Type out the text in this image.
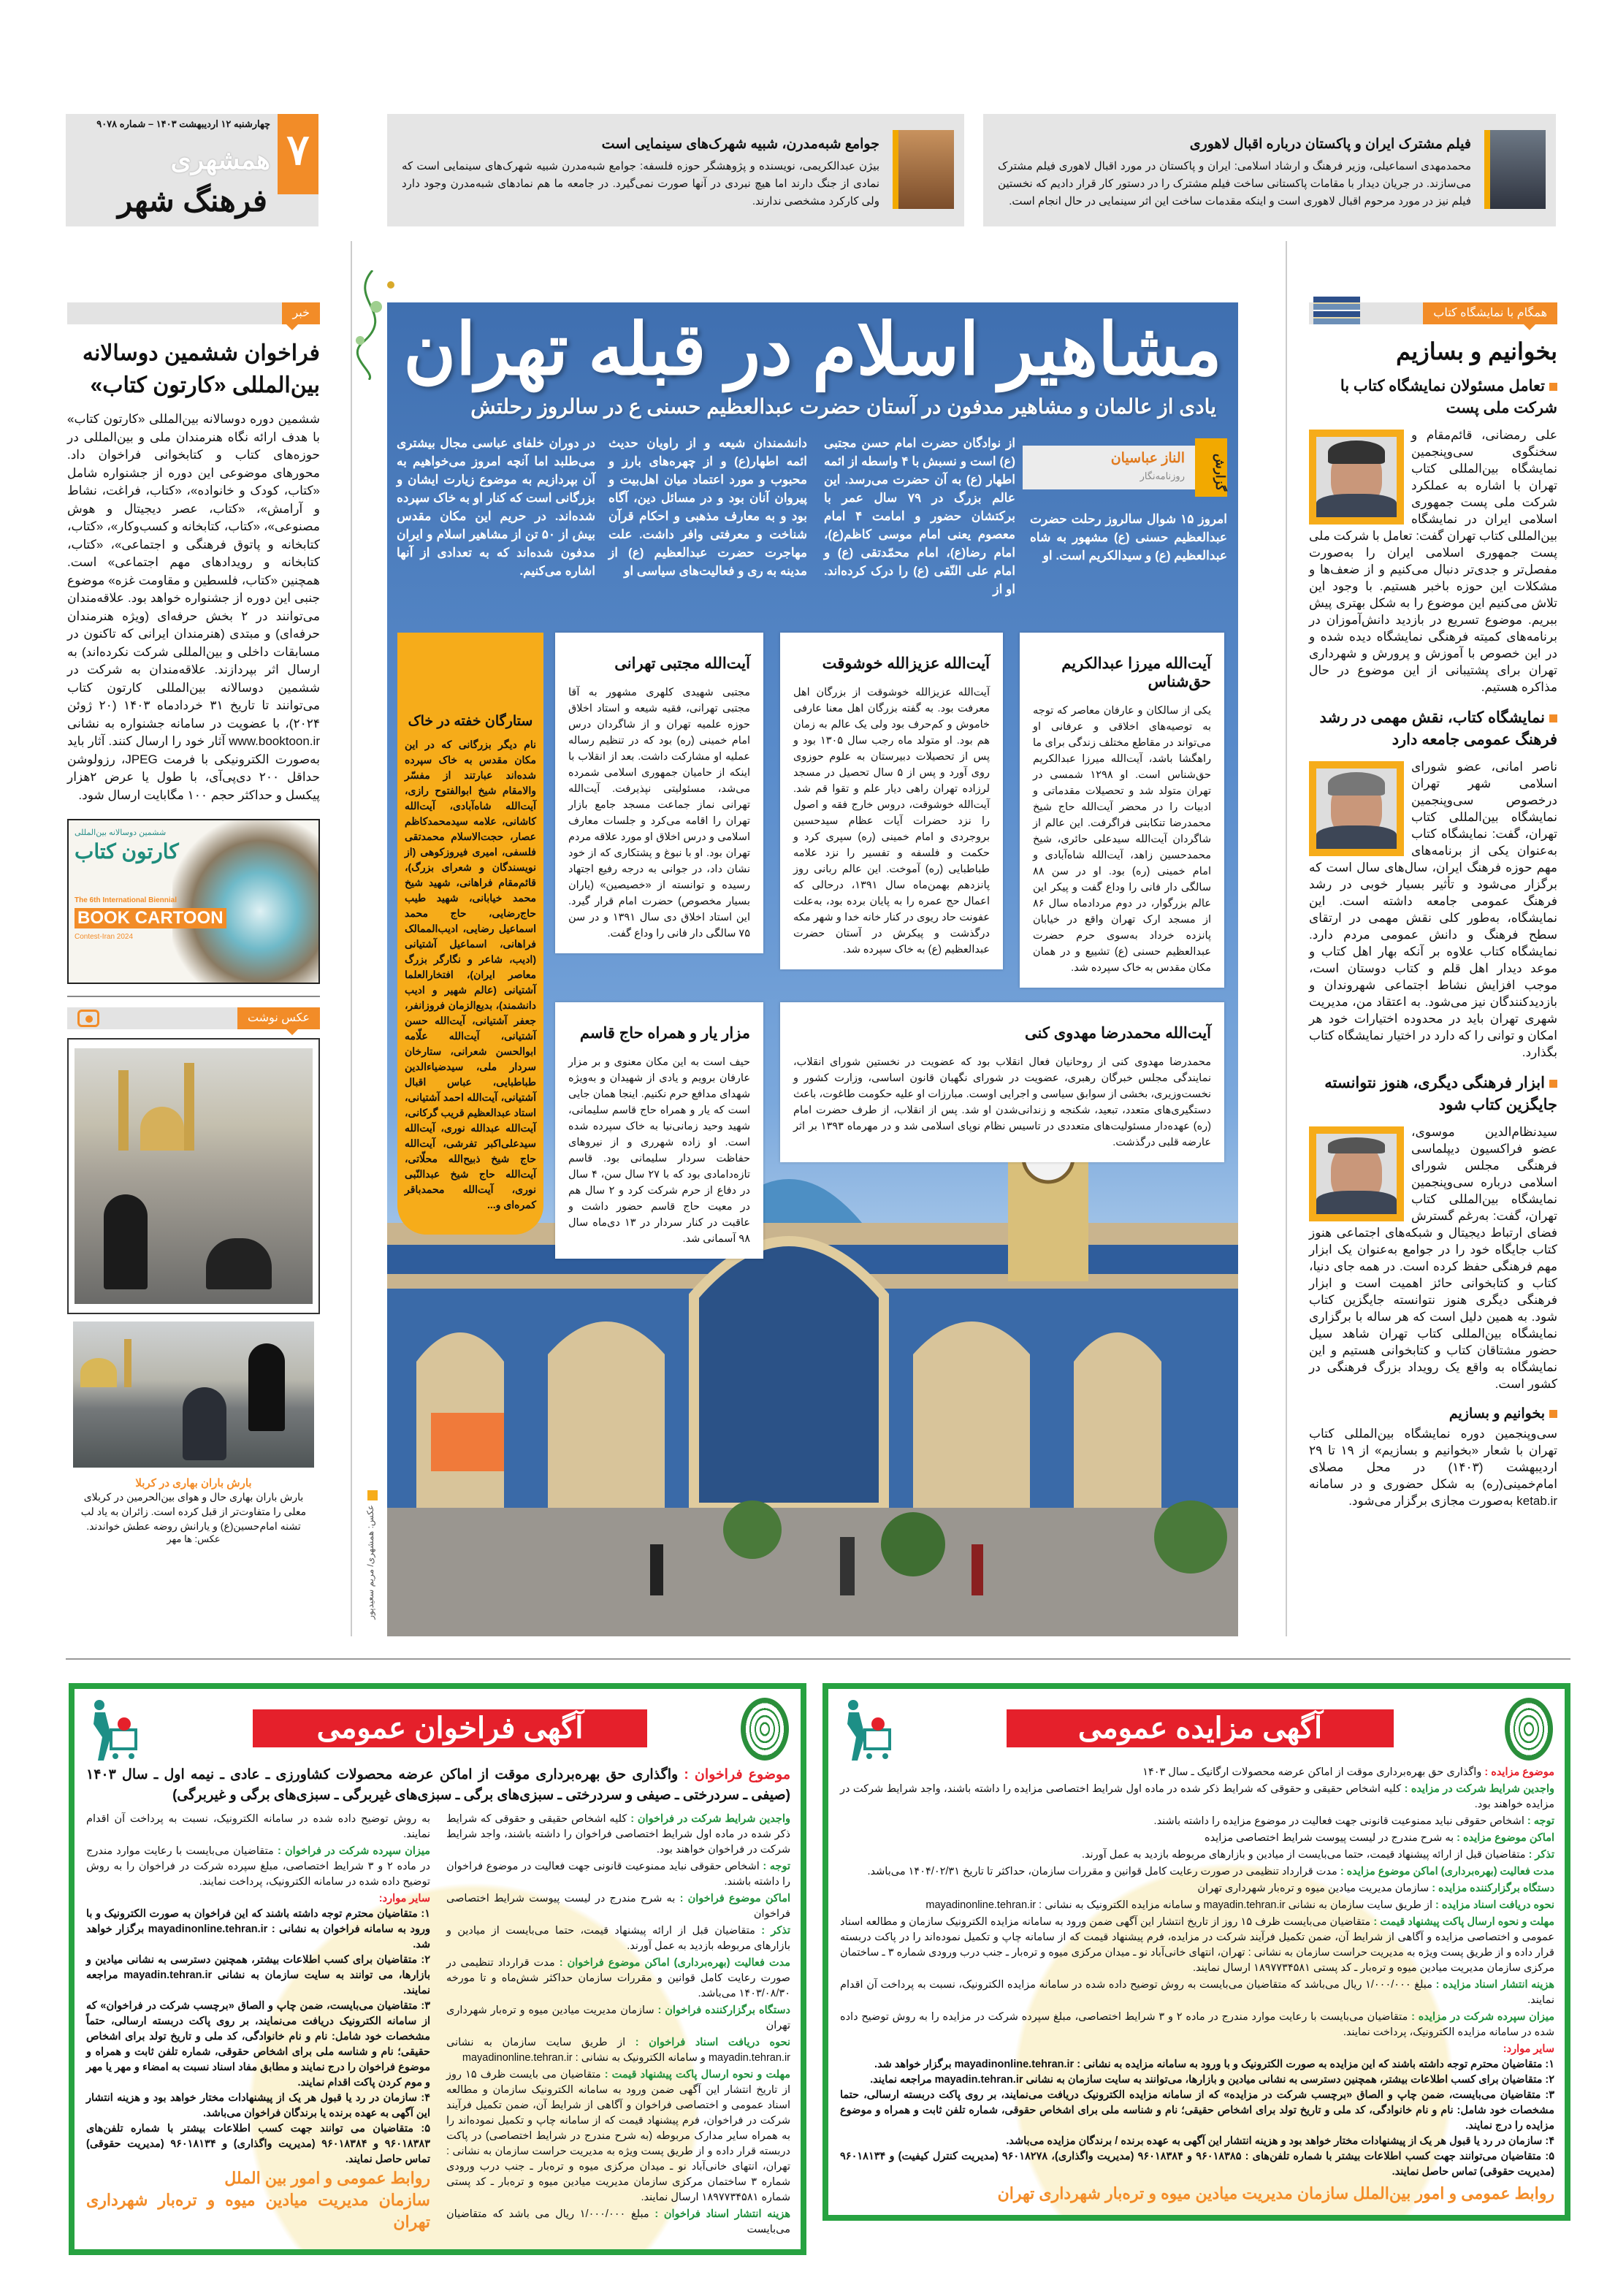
فیلم مشترک ایران و پاکستان درباره اقبال لاهوری

محمدمهدی اسماعیلی، وزیر فرهنگ و ارشاد اسلامی: ایران و پاکستان در مورد اقبال لاهوری فیلم مشترک می‌سازند. در جریان دیدار با مقامات پاکستانی ساخت فیلم مشترک را در دستور کار قرار دادیم که نخستین فیلم نیز در مورد مرحوم اقبال لاهوری است و اینکه مقدمات ساخت این اثر سینمایی در حال انجام است.

جوامع شبه‌مدرن، شبیه شهرک‌های سینمایی است

بیژن عبدالکریمی، نویسنده و پژوهشگر حوزه فلسفه: جوامع شبه‌مدرن شبیه شهرک‌های سینمایی است که نمادی از جنگ دارند اما هیچ نبردی در آنها صورت نمی‌گیرد. در جامعه ما هم نمادهای شبه‌مدرن وجود دارد ولی کارکرد مشخصی ندارند.

۷
چهارشنبه ۱۲ اردیبهشت ۱۴۰۳ – شماره ۹۰۷۸
همشهری
فرهنگ شهر
خبر
فراخوان ششمین دوسالانه بین‌المللی «کارتون کتاب»
ششمین دوره دوسالانه بین‌المللی «کارتون کتاب» با هدف ارائه نگاه هنرمندان ملی و بین‌المللی در حوزه‌های کتاب و کتابخوانی فراخوان داد. محورهای موضوعی این دوره از جشنواره شامل «کتاب، کودک و خانواده»، «کتاب، فراغت، نشاط و آرامش»، «کتاب، عصر دیجیتال و هوش مصنوعی»، «کتاب، کتابخانه و کسب‌وکار»، «کتاب، کتابخانه و پاتوق فرهنگی و اجتماعی»، «کتاب، کتابخانه و رویدادهای مهم اجتماعی» است. همچنین «کتاب، فلسطین و مقاومت غزه» موضوع جنبی این دوره از جشنواره خواهد بود. علاقه‌مندان می‌توانند در ۲ بخش حرفه‌ای (ویژه هنرمندان حرفه‌ای) و مبتدی (هنرمندان ایرانی که تاکنون در مسابقات داخلی و بین‌المللی شرکت نکرده‌اند) به ارسال اثر بپردازند. علاقه‌مندان به شرکت در ششمین دوسالانه بین‌المللی کارتون کتاب می‌توانند تا تاریخ ۳۱ خردادماه ۱۴۰۳ (۲۰ ژوئن ۲۰۲۴)، با عضویت در سامانه جشنواره به نشانی www.booktoon.ir آثار خود را ارسال کنند. آثار باید به‌صورت الکترونیکی با فرمت JPEG، رزولوشن حداقل ۲۰۰ دی‌پی‌آی، با طول یا عرض ۲هزار پیکسل و حداکثر حجم ۱۰۰ مگابایت ارسال شود.
ششمین دوسالانه بین‌المللی
کارتون کتاب
The 6th International Biennial
BOOK CARTOON
Contest-Iran 2024
عکس نوشت
بارش باران بهاری در کربلا
بارش باران بهاری حال و هوای بین‌الحرمین در کربلای معلی را متفاوت‌تر از قبل کرده است. زائران به یاد لب تشنه امام‌حسین(ع) و یارانش روضه عطش خواندند.
عکس: ها مهر
مشاهیر اسلام در قبله تهران
یادی از عالمان و مشاهیر مدفون در آستان حضرت عبدالعظیم حسنی ع در سالروز رحلتش
گزارش
الناز عباسیان
روزنامه‌نگار
امروز ۱۵ شوال سالروز رحلت حضرت عبدالعظیم حسنی (ع) مشهور به شاه عبدالعظیم (ع) و سیدالکریم است. او
از نوادگان حضرت امام حسن مجتبی (ع) است و نسبش با ۴ واسطه از ائمه اطهار (ع) به آن حضرت می‌رسد. این عالم بزرگ در ۷۹ سال عمر با برکتشان حضور و امامت ۴ امام معصوم یعنی امام موسی کاظم(ع)، امام رضا(ع)، امام محمّدتقی (ع) و امام علی النّقی (ع) را درک کرده‌اند. او از
دانشمندان شیعه و از راویان حدیث ائمه اطهار(ع) و از چهره‌های بارز و محبوب و مورد اعتماد میان اهل‌بیت و پیروان آنان بود و در مسائل دین، آگاه بود و به معارف مذهبی و احکام قرآن شناخت و معرفتی وافر داشت. علت مهاجرت حضرت عبدالعظیم (ع) از مدینه به ری و فعالیت‌های سیاسی او
در دوران خلفای عباسی مجال بیشتری می‌طلبد اما آنچه امروز می‌خواهیم به آن بپردازیم به موضوع زیارت ایشان و بزرگانی است که کنار او به خاک سپرده شده‌اند. در حریم این مکان مقدس بیش از ۵۰ تن از مشاهیر اسلام و ایران مدفون شده‌اند که به تعدادی از آنها اشاره می‌کنیم.
ستارگان خفته در خاک

نام دیگر بزرگانی که در این مکان مقدس به خاک سپرده شده‌اند عبارتند از مفسّر والامقام شیخ ابوالفتوح رازی، آیت‌الله شاه‌آبادی، آیت‌الله کاشانی، علامه سیدمحمدکاظم عصار، حجت‌الاسلام محمدتقی فلسفی، امیری فیروزکوهی (از نویسندگان و شعرای بزرگ)، قائم‌مقام فراهانی، شهید شیخ محمد خیابانی، شهید طیب حاج‌رضایی، حاج محمد اسماعیل رضایی، ادیب‌الممالک فراهانی، اسماعیل آشتیانی (ادیب، شاعر و نگارگر بزرگ معاصر ایران)، افتخارالعلما آشتیانی (عالم شهیر و ادیب دانشمند)، بدیع‌الزمان فروزانفر، جعفر آشتیانی، آیت‌الله حسن آشتیانی، آیت‌الله علّامه ابوالحسن شعرانی، ستارخان سردار ملی، سیدضیاءالدین طباطبایی، عباس اقبال آشتیانی، آیت‌الله احمد آشتیانی، استاد عبدالعظیم قریب گرکانی، آیت‌الله عبدالله نوری، آیت‌الله سیدعلی‌اکبر تفرشی، آیت‌الله حاج شیخ ذبیح‌الله محلّاتی، آیت‌الله حاج شیخ عبدالنّبی نوری، آیت‌الله محمدباقر کمره‌ای و...

آیت‌الله میرزا عبدالکریم حق‌شناس

یکی از سالکان و عارفان معاصر که توجه به توصیه‌های اخلاقی و عرفانی او می‌تواند در مقاطع مختلف زندگی برای ما راهگشا باشد، آیت‌الله میرزا عبدالکریم حق‌شناس است. او ۱۲۹۸ شمسی در تهران متولد شد و تحصیلات مقدماتی و ادبیات را در محضر آیت‌الله حاج شیخ محمدرضا تنکابنی فراگرفت. این عالم از شاگردان آیت‌الله سیدعلی حائری، شیخ محمدحسین زاهد، آیت‌الله شاه‌آبادی و امام خمینی (ره) بود. او در سن ۸۸ سالگی دار فانی را وداع گفت و پیکر این عالم بزرگوار، در دوم مردادماه سال ۸۶ از مسجد ارک تهران واقع در خیابان پانزده خرداد به‌سوی حرم حضرت عبدالعظیم حسنی (ع) تشییع و در همان مکان مقدس به خاک سپرده شد.

آیت‌الله عزیزالله خوشوقت

آیت‌الله عزیزالله خوشوقت از بزرگان اهل معرفت بود. به گفته بزرگان اهل معنا عارفی خاموش و کم‌حرف بود ولی یک عالم به زمان هم بود. او متولد ماه رجب سال ۱۳۰۵ بود و پس از تحصیلات دبیرستان به علوم حوزوی روی آورد و پس از ۵ سال تحصیل در مسجد لرزاده تهران راهی دیار علم و تقوا قم شد. آیت‌الله خوشوقت، دروس خارج فقه و اصول را نزد حضرات آیات عظام سیدحسین بروجردی و امام خمینی (ره) سپری کرد و حکمت و فلسفه و تفسیر را نزد علامه طباطبایی (ره) آموخت. این عالم ربانی روز پانزدهم بهمن‌ماه سال ۱۳۹۱، درحالی که اعمال حج عمره را به پایان برده بود، به‌علت عفونت حاد ریوی در کنار خانه خدا و شهر مکه درگذشت و پیکرش در آستان حضرت عبدالعظیم (ع) به خاک سپرده شد.

آیت‌الله مجتبی تهرانی

مجتبی شهیدی کلهری مشهور به آقا مجتبی تهرانی، فقیه شیعه و استاد اخلاق حوزه علمیه تهران و از شاگردان درس امام خمینی (ره) بود که در تنظیم رساله عملیه او مشارکت داشت. بعد از انقلاب با اینکه از حامیان جمهوری اسلامی شمرده می‌شد، مسئولیتی نپذیرفت. آیت‌الله تهرانی نماز جماعت مسجد جامع بازار تهران را اقامه می‌کرد و جلسات معارف اسلامی و درس اخلاق او مورد علاقه مردم تهران بود. او با نبوغ و پشتکاری که از خود نشان داد، در جوانی به درجه رفیع اجتهاد رسیده و توانسته از «خصیصین» (یاران بسیار مخصوص) حضرت امام قرار گیرد. این استاد اخلاق دی سال ۱۳۹۱ و در سن ۷۵ سالگی دار فانی را وداع گفت.

آیت‌الله محمدرضا مهدوی کنی

محمدرضا مهدوی کنی از روحانیان فعال انقلاب بود که عضویت در نخستین شورای انقلاب، نمایندگی مجلس خبرگان رهبری، عضویت در شورای نگهبان قانون اساسی، وزارت کشور و نخست‌وزیری، بخشی از سوابق سیاسی و اجرایی اوست. مبارزات او علیه حکومت طاغوت، باعث دستگیری‌های متعدد، تبعید، شکنجه و زندانی‌شدن او شد. پس از انقلاب، از طرف حضرت امام (ره) عهده‌دار مسئولیت‌های متعددی در تاسیس نظام نوپای اسلامی شد و در مهرماه ۱۳۹۳ بر اثر عارضه قلبی درگذشت.

مزار یار و همراه حاج قاسم

حیف است به این مکان معنوی و بر مزار عارفان برویم و یادی از شهیدان و به‌ویژه شهدای مدافع حرم نکنیم. اینجا همان جایی است که یار و همراه حاج قاسم سلیمانی، شهید وحید زمانی‌نیا به خاک سپرده شده است. او زاده شهرری و از نیروهای حفاظت سردار سلیمانی بود. قاسم تازه‌دامادی بود که با ۲۷ سال سن، ۴ سال در دفاع از حرم شرکت کرد و ۲ سال هم در معیت حاج قاسم حضور داشت و عاقبت در کنار سردار در ۱۳ دی‌ماه سال ۹۸ آسمانی شد.

عکس: همشهری/ مریم سعیدپور
همگام با نمایشگاه کتاب
بخوانیم و بسازیم
تعامل مسئولان نمایشگاه کتاب با شرکت ملی پست
علی رمضانی، قائم‌مقام و سخنگوی سی‌وپنجمین نمایشگاه بین‌المللی کتاب تهران با اشاره به عملکرد شرکت ملی پست جمهوری اسلامی ایران در نمایشگاه بین‌المللی کتاب تهران گفت: تعامل با شرکت ملی پست جمهوری اسلامی ایران را به‌صورت مفصل‌تر و جدی‌تر دنبال می‌کنیم و از ضعف‌ها و مشکلات این حوزه باخبر هستیم. با وجود این تلاش می‌کنیم این موضوع را به شکل بهتری پیش ببریم. موضوع تسریع در بازدید دانش‌آموزان در برنامه‌های کمیته فرهنگی نمایشگاه دیده شده و در این خصوص با آموزش و پرورش و شهرداری تهران برای پشتیبانی از این موضوع در حال مذاکره هستیم.
نمایشگاه کتاب، نقش مهمی در رشد فرهنگ عمومی جامعه دارد
ناصر امانی، عضو شورای اسلامی شهر تهران درخصوص سی‌وپنجمین نمایشگاه بین‌المللی کتاب تهران، گفت: نمایشگاه کتاب به‌عنوان یکی از برنامه‌های مهم حوزه فرهنگ ایران، سال‌های سال است که برگزار می‌شود و تأثیر بسیار خوبی در رشد فرهنگ عمومی جامعه داشته است. این نمایشگاه، به‌طور کلی نقش مهمی در ارتقای سطح فرهنگ و دانش عمومی مردم دارد. نمایشگاه کتاب علاوه بر آنکه بهار اهل کتاب و موعد دیدار اهل قلم و کتاب دوستان است، موجب افزایش نشاط اجتماعی شهروندان و بازدیدکنندگان نیز می‌شود. به اعتقاد من، مدیریت شهری تهران باید در محدوده اختیارات خود هر امکان و توانی را که دارد در اختیار نمایشگاه کتاب بگذارد.
ابزار فرهنگی دیگری، هنوز نتوانسته جایگزین کتاب شود
سیدنظام‌الدین موسوی، عضو فراکسیون دیپلماسی فرهنگی مجلس شورای اسلامی درباره سی‌وپنجمین نمایشگاه بین‌المللی کتاب تهران، گفت: به‌رغم گسترش فضای ارتباط دیجیتال و شبکه‌های اجتماعی هنوز کتاب جایگاه خود را در جوامع به‌عنوان یک ابزار مهم فرهنگی حفظ کرده است. در همه جای دنیا، کتاب و کتابخوانی حائز اهمیت است و ابزار فرهنگی دیگری هنوز نتوانسته جایگزین کتاب شود. به همین دلیل است که هر ساله با برگزاری نمایشگاه بین‌المللی کتاب تهران شاهد سیل حضور مشتاقان کتاب و کتابخوانی هستیم و این نمایشگاه به واقع یک رویداد بزرگ فرهنگی در کشور است.
بخوانیم و بسازیم
سی‌وپنجمین دوره نمایشگاه بین‌المللی کتاب تهران با شعار «بخوانیم و بسازیم» از ۱۹ تا ۲۹ اردیبهشت (۱۴۰۳) در محل مصلای امام‌خمینی(ره) به شکل حضوری و در سامانه ketab.ir به‌صورت مجازی برگزار می‌شود.
آگهی مزایده عمومی
موضوع مزایده : واگذاری حق بهره‌برداری موقت از اماکن عرضه محصولات ارگانیک ـ سال ۱۴۰۳
واجدین شرایط شرکت در مزایده : کلیه اشخاص حقیقی و حقوقی که شرایط ذکر شده در ماده اول شرایط اختصاصی مزایده را داشته باشند، واجد شرایط شرکت در مزایده خواهند بود.
توجه : اشخاص حقوقی نباید ممنوعیت قانونی جهت فعالیت در موضوع مزایده را داشته باشند.
اماکن موضوع مزایده : به شرح مندرج در لیست پیوست شرایط اختصاصی مزایده
تذکر : متقاضیان قبل از ارائه پیشنهاد قیمت، حتما می‌بایست از میادین و بازارهای مربوطه بازدید به عمل آورند.
مدت فعالیت (بهره‌برداری) اماکن موضوع مزایده : مدت قرارداد تنظیمی در صورت رعایت کامل قوانین و مقررات سازمان، حداکثر تا تاریخ ۱۴۰۴/۰۲/۳۱ می‌باشد.
دستگاه برگزارکننده مزایده : سازمان مدیریت میادین میوه و تره‌بار شهرداری تهران
نحوه دریافت اسناد مزایده : از طریق سایت سازمان به نشانی mayadin.tehran.ir و سامانه مزایده الکترونیک به نشانی : mayadinonline.tehran.ir
مهلت و نحوه ارسال پاکت پیشنهاد قیمت : متقاضیان می‌بایست ظرف ۱۵ روز از تاریخ انتشار این آگهی ضمن ورود به سامانه مزایده الکترونیک سازمان و مطالعه اسناد عمومی و اختصاصی مزایده و آگاهی از شرایط آن، ضمن تکمیل فرآیند شرکت در مزایده، فرم پیشنهاد قیمت که از سامانه چاپ و تکمیل نموده‌اند را در پاکت دربسته قرار داده و از طریق پست ویژه به مدیریت حراست سازمان به نشانی : تهران، انتهای خانی‌آباد نو ـ میدان مرکزی میوه و تره‌بار ـ جنب درب ورودی شماره ۳ ـ ساختمان مرکزی سازمان مدیریت میادین میوه و تره‌بار ـ کد پستی ۱۸۹۷۷۳۴۵۸۱ ارسال نمایند.
هزینه انتشار اسناد مزایده : مبلغ ۱/۰۰۰/۰۰۰ ریال می‌باشد که متقاضیان می‌بایست به روش توضیح داده شده در سامانه مزایده الکترونیک، نسبت به پرداخت آن اقدام نمایند.
میزان سپرده شرکت در مزایده : متقاضیان می‌بایست با رعایت موارد مندرج در ماده ۲ و ۳ شرایط اختصاصی، مبلغ سپرده شرکت در مزایده را به روش توضیح داده شده در سامانه مزایده الکترونیک، پرداخت نمایند.
سایر موارد:
۱: متقاضیان محترم توجه داشته باشند که این مزایده به صورت الکترونیک و با ورود به سامانه مزایده به نشانی : mayadinonline.tehran.ir برگزار خواهد شد.
۲: متقاضیان برای کسب اطلاعات بیشتر، همچنین دسترسی به نشانی میادین و بازارها، می‌توانند به سایت سازمان به نشانی mayadin.tehran.ir مراجعه نمایند.
۳: متقاضیان می‌بایست، ضمن چاپ و الصاق «برچسب شرکت در مزایده» که از سامانه مزایده الکترونیک دریافت می‌نمایند، بر روی پاکت دربسته ارسالی، حتما مشخصات خود شامل: نام و نام خانوادگی، کد ملی و تاریخ تولد برای اشخاص حقیقی؛ نام و شناسه ملی برای اشخاص حقوقی، شماره تلفن ثابت و همراه و موضوع مزایده را درج نمایند.
۴: سازمان در رد یا قبول هر یک از پیشنهادات مختار خواهد بود و هزینه انتشار این آگهی به عهده برنده / برندگان مزایده می‌باشد.
۵: متقاضیان می‌توانند جهت کسب اطلاعات بیشتر با شماره تلفن‌های : ۹۶۰۱۸۳۸۵ و ۹۶۰۱۸۳۸۴ (مدیریت واگذاری)، ۹۶۰۱۸۲۷۸ (مدیریت کنترل کیفیت) و ۹۶۰۱۸۱۳۴ (مدیریت حقوقی) تماس حاصل نمایند.
روابط عمومی و امور بین‌الملل سازمان مدیریت میادین میوه و تره‌بار شهرداری تهران
آگهی فراخوان عمومی
موضوع فراخوان : واگذاری حق بهره‌برداری موقت از اماکن عرضه محصولات کشاورزی ـ عادی ـ نیمه اول ـ سال ۱۴۰۳ (صیفی ـ سردرختی ـ صیفی و سردرختی ـ سبزی‌های برگی ـ سبزی‌های غیربرگی ـ سبزی‌های برگی و غیربرگی)
واجدین شرایط شرکت در فراخوان : کلیه اشخاص حقیقی و حقوقی که شرایط ذکر شده در ماده اول شرایط اختصاصی فراخوان را داشته باشند، واجد شرایط شرکت در فراخوان خواهند بود.
توجه : اشخاص حقوقی نباید ممنوعیت قانونی جهت فعالیت در موضوع فراخوان را داشته باشند.
اماکن موضوع فراخوان : به شرح مندرج در لیست پیوست شرایط اختصاصی فراخوان
تذکر : متقاضیان قبل از ارائه پیشنهاد قیمت، حتما می‌بایست از میادین و بازارهای مربوطه بازدید به عمل آورند.
مدت فعالیت (بهره‌برداری) اماکن موضوع فراخوان : مدت قرارداد تنظیمی در صورت رعایت کامل قوانین و مقررات سازمان حداکثر شش‌ماه و تا مورخه ۱۴۰۳/۰۸/۳۰ می‌باشد.
دستگاه برگزارکننده فراخوان : سازمان مدیریت میادین میوه و تره‌بار شهرداری تهران
نحوه دریافت اسناد فراخوان : از طریق سایت سازمان به نشانی mayadin.tehran.ir و سامانه الکترونیک به نشانی : mayadinonline.tehran.ir
مهلت و نحوه ارسال پاکت پیشنهاد قیمت : متقاضیان می بایست ظرف ۱۵ روز از تاریخ انتشار این آگهی ضمن ورود به سامانه الکترونیک سازمان و مطالعه اسناد عمومی و اختصاصی فراخوان و آگاهی از شرایط آن، ضمن تکمیل فرآیند شرکت در فراخوان، فرم پیشنهاد قیمت که از سامانه چاپ و تکمیل نموده‌اند را به همراه سایر مدارک مربوطه (به شرح مندرج در شرایط اختصاصی) در پاکت دربسته قرار داده و از طریق پست ویژه به مدیریت حراست سازمان به نشانی : تهران، انتهای خانی‌آباد نو ـ میدان مرکزی میوه و تره‌بار ـ جنب درب ورودی شماره ۳ ساختمان مرکزی سازمان مدیریت میادین میوه و تره‌بار ـ کد پستی شماره ۱۸۹۷۷۳۴۵۸۱ ارسال نمایند.
هزینه انتشار اسناد فراخوان : مبلغ ۱/۰۰۰/۰۰۰ ریال می باشد که متقاضیان می‌بایست
به روش توضیح داده شده در سامانه الکترونیک، نسبت به پرداخت آن اقدام نمایند.
میزان سپرده شرکت در فراخوان : متقاضیان می‌بایست با رعایت موارد مندرج در ماده ۲ و ۳ شرایط اختصاصی، مبلغ سپرده شرکت در فراخوان را به روش توضیح داده شده در سامانه الکترونیک، پرداخت نمایند.
سایر موارد:
۱: متقاضیان محترم توجه داشته باشند که این فراخوان به صورت الکترونیک و با ورود به سامانه فراخوان به نشانی : mayadinonline.tehran.ir برگزار خواهد شد.
۲: متقاضیان برای کسب اطلاعات بیشتر، همچنین دسترسی به نشانی میادین و بازارها، می توانند به سایت سازمان به نشانی mayadin.tehran.ir مراجعه نمایند.
۳: متقاضیان می‌بایست، ضمن چاپ و الصاق «برچسب شرکت در فراخوان» که از سامانه الکترونیک دریافت می‌نمایند، بر روی پاکت دربسته ارسالی، حتماً مشخصات خود شامل: نام و نام خانوادگی، کد ملی و تاریخ تولد برای اشخاص حقیقی؛ نام و شناسه ملی برای اشخاص حقوقی، شماره تلفن ثابت و همراه و موضوع فراخوان را درج نمایند و مطابق مفاد اسناد نسبت به امضاء و مهر یا مهر و موم کردن پاکت اقدام نمایند.
۴: سازمان در رد یا قبول هر یک از پیشنهادات مختار خواهد بود و هزینه انتشار این آگهی به عهده برنده یا برندگان فراخوان می‌باشد.
۵: متقاضیان می توانند جهت کسب اطلاعات بیشتر با شماره تلفن‌های ۹۶۰۱۸۳۸۳ و ۹۶۰۱۸۳۸۴ (مدیریت واگذاری) و ۹۶۰۱۸۱۳۴ (مدیریت حقوقی) تماس حاصل نمایند.
روابط عمومی و امور بین الملل
سازمان مدیریت میادین میوه و تره‌بار شهرداری تهران
